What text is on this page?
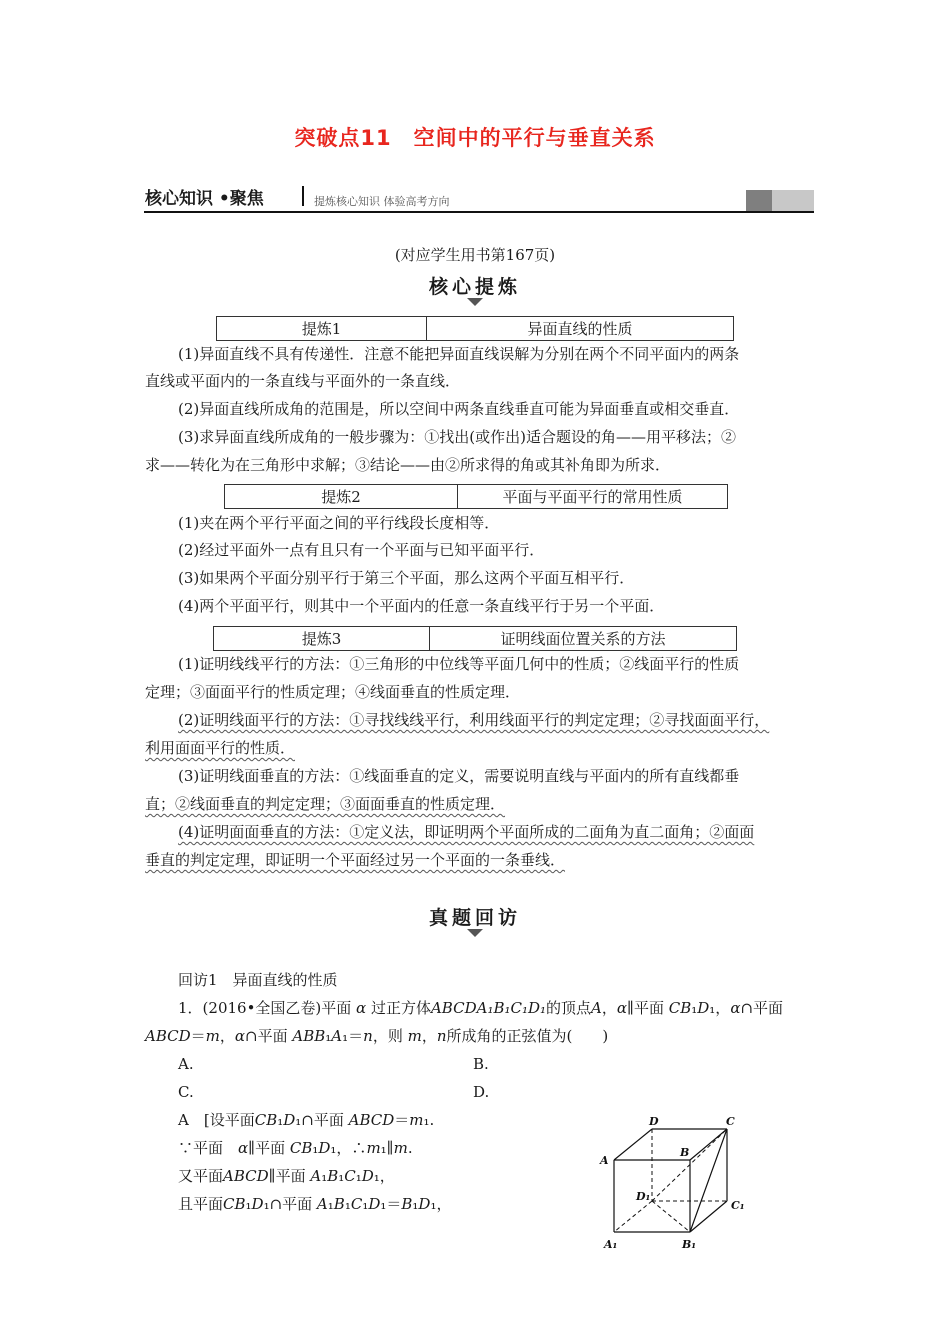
突破点11　空间中的平行与垂直关系
核心知识 •聚焦	提炼核心知识 体验高考方向
(对应学生用书第167页)
核心提炼
提炼1	异面直线的性质
(1)异面直线不具有传递性．注意不能把异面直线误解为分别在两个不同平面内的两条
直线或平面内的一条直线与平面外的一条直线．
(2)异面直线所成角的范围是，所以空间中两条直线垂直可能为异面垂直或相交垂直．
(3)求异面直线所成角的一般步骤为：①找出(或作出)适合题设的角——用平移法；②
求——转化为在三角形中求解；③结论——由②所求得的角或其补角即为所求．
提炼2	平面与平面平行的常用性质
(1)夹在两个平行平面之间的平行线段长度相等．
(2)经过平面外一点有且只有一个平面与已知平面平行．
(3)如果两个平面分别平行于第三个平面，那么这两个平面互相平行．
(4)两个平面平行，则其中一个平面内的任意一条直线平行于另一个平面．
提炼3	证明线面位置关系的方法
(1)证明线线平行的方法：①三角形的中位线等平面几何中的性质；②线面平行的性质
定理；③面面平行的性质定理；④线面垂直的性质定理．
(2)证明线面平行的方法：①寻找线线平行，利用线面平行的判定定理；②寻找面面平行，
利用面面平行的性质．
(3)证明线面垂直的方法：①线面垂直的定义，需要说明直线与平面内的所有直线都垂
直；②线面垂直的判定定理；③面面垂直的性质定理．
(4)证明面面垂直的方法：①定义法，即证明两个平面所成的二面角为直二面角；②面面
垂直的判定定理，即证明一个平面经过另一个平面的一条垂线．
真题回访
回访1　异面直线的性质
1．(2016•全国乙卷)平面 α 过正方体ABCDA₁B₁C₁D₁的顶点A，α∥平面 CB₁D₁，α∩平面
ABCD＝m，α∩平面 ABB₁A₁＝n，则 m，n所成角的正弦值为(　　)
A.	B.
C.	D.
A　 [设平面CB₁D₁∩平面 ABCD＝m₁.
∵平面　 α∥平面 CB₁D₁，∴m₁∥m.
又平面ABCD∥平面 A₁B₁C₁D₁，
且平面CB₁D₁∩平面 A₁B₁C₁D₁＝B₁D₁，
A
B
C
D
A₁	B₁
C₁
D₁
